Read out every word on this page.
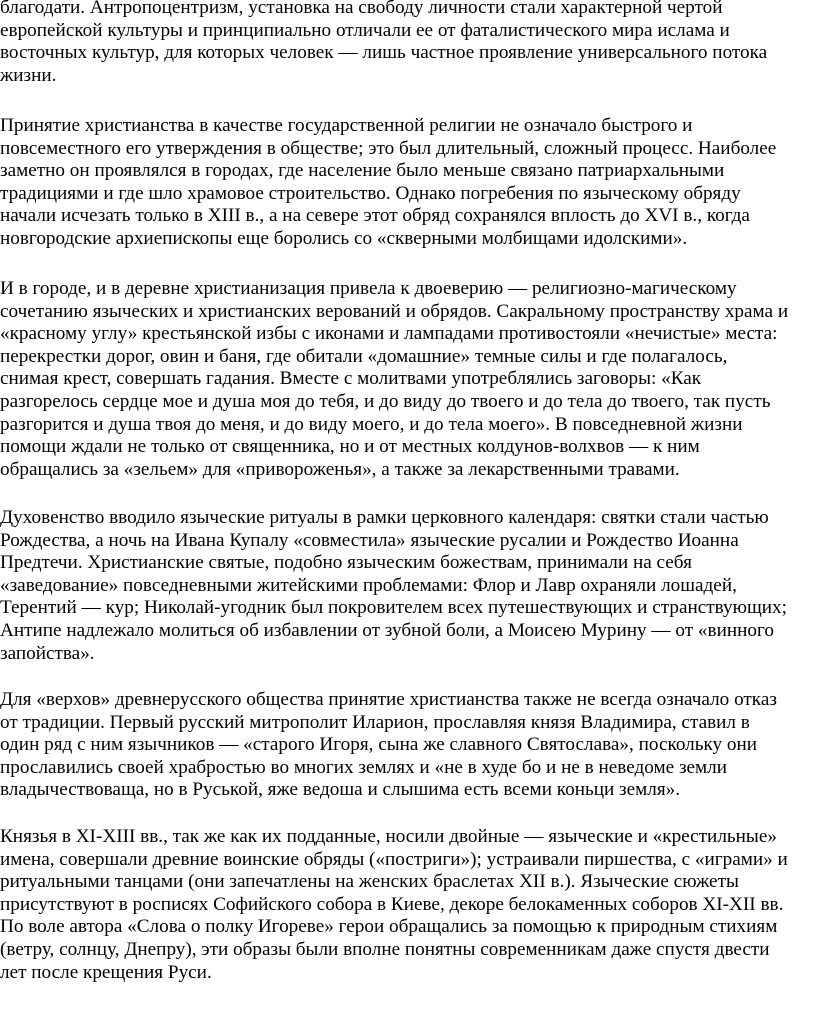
благодати. Антропоцентризм, установка на свободу личности стали характерной чертой
европейской культуры и принципиально отличали ее от фаталистического мира ислама и
восточных культур, для которых человек — лишь частное проявление универсального потока
жизни.
Принятие христианства в качестве государственной религии не означало быстрого и
повсеместного его утверждения в обществе; это был длительный, сложный процесс. Наиболее
заметно он проявлялся в городах, где население было меньше связано патриархальными
традициями и где шло храмовое строительство. Однако погребения по языческому обряду
начали исчезать только в XIII в., а на севере этот обряд сохранялся вплость до XVI в., когда
новгородские архиепископы еще боролись со «скверными молбищами идолскими».
И в городе, и в деревне христианизация привела к двоеверию — религиозно-магическому
сочетанию языческих и христианских верований и обрядов. Сакральному пространству храма и
«красному углу» крестьянской избы с иконами и лампадами противостояли «нечистые» места:
перекрестки дорог, овин и баня, где обитали «домашние» темные силы и где полагалось,
снимая крест, совершать гадания. Вместе с молитвами употреблялись заговоры: «Как
разгорелось сердце мое и душа моя до тебя, и до виду до твоего и до тела до твоего, так пусть
разгорится и душа твоя до меня, и до виду моего, и до тела моего». В повседневной жизни
помощи ждали не только от священника, но и от местных колдунов-волхвов — к ним
обращались за «зельем» для «привороженья», а также за лекарственными травами.
Духовенство вводило языческие ритуалы в рамки церковного календаря: святки стали частью
Рождества, а ночь на Ивана Купалу «совместила» языческие русалии и Рождество Иоанна
Предтечи. Христианские святые, подобно языческим божествам, принимали на себя
«заведование» повседневными житейскими проблемами: Флор и Лавр охраняли лошадей,
Терентий — кур; Николай-угодник был покровителем всех путешествующих и странствующих;
Антипе надлежало молиться об избавлении от зубной боли, а Моисею Мурину — от «винного
запойства».
Для «верхов» древнерусского общества принятие христианства также не всегда означало отказ
от традиции. Первый русский митрополит Иларион, прославляя князя Владимира, ставил в
один ряд с ним язычников — «старого Игоря, сына же славного Святослава», поскольку они
прославились своей храбростью во многих землях и «не в худе бо и не в неведоме земли
владычествоваща, но в Руськой, яже ведоша и слышима есть всеми коньци земля».
Князья в XI-XIII вв., так же как их подданные, носили двойные — языческие и «крестильные»
имена, совершали древние воинские обряды («постриги»); устраивали пиршества, с «играми» и
ритуальными танцами (они запечатлены на женских браслетах XII в.). Языческие сюжеты
присутствуют в росписях Софийского собора в Киеве, декоре белокаменных соборов XI-XII вв.
По воле автора «Слова о полку Игореве» герои обращались за помощью к природным стихиям
(ветру, солнцу, Днепру), эти образы были вполне понятны современникам даже спустя двести
лет после крещения Руси.
